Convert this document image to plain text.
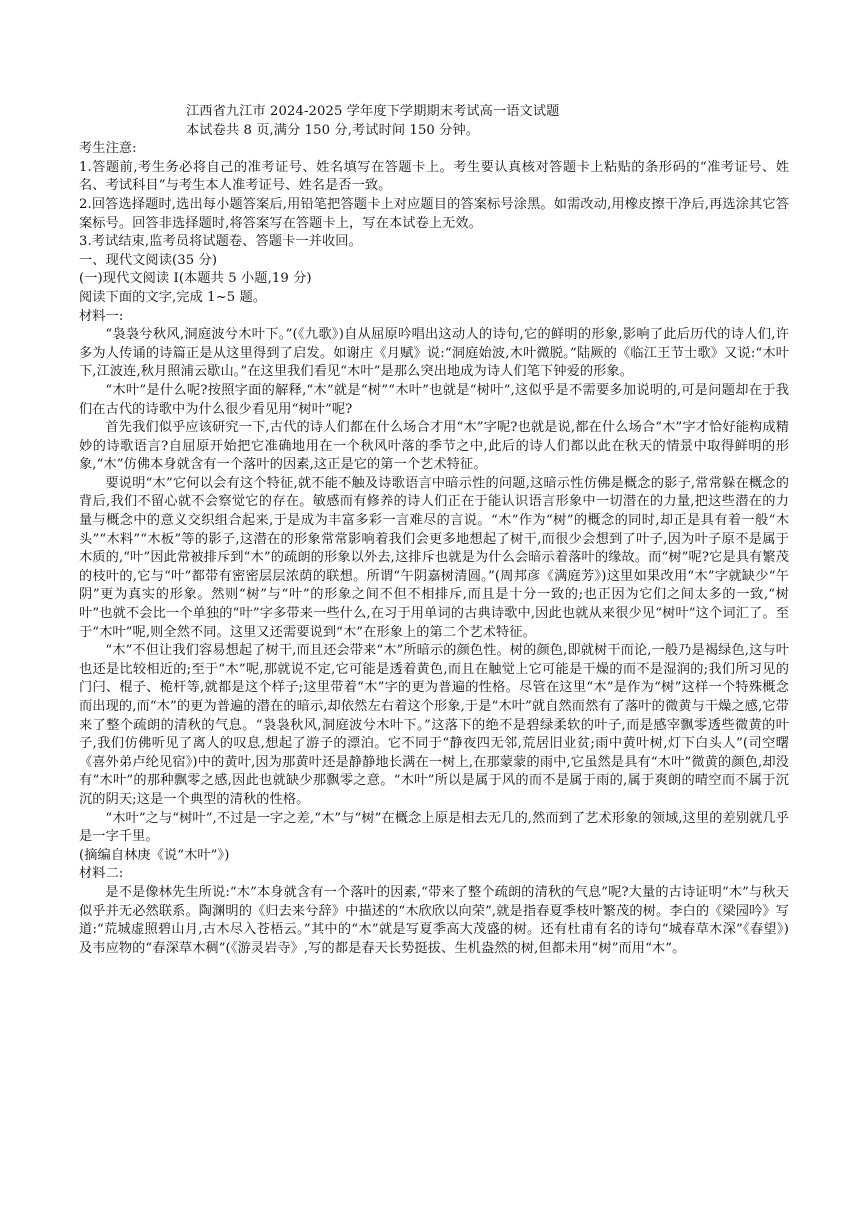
江西省九江市 2024-2025 学年度下学期期末考试高一语文试题
本试卷共 8 页,满分 150 分,考试时间 150 分钟。
考生注意:

1.答题前,考生务必将自己的准考证号、姓名填写在答题卡上。考生要认真核对答题卡上粘贴的条形码的“准考证号、姓名、考试科目”与考生本人准考证号、姓名是否一致。

2.回答选择题时,选出每小题答案后,用铅笔把答题卡上对应题目的答案标号涂黑。如需改动,用橡皮擦干净后,再选涂其它答案标号。回答非选择题时,将答案写在答题卡上，写在本试卷上无效。

3.考试结束,监考员将试题卷、答题卡一并收回。

一、现代文阅读(35 分)
(一)现代文阅读 I(本题共 5 小题,19 分)
阅读下面的文字,完成 1~5 题。
材料一:

“袅袅兮秋风,洞庭波兮木叶下。”(《九歌》)自从屈原吟唱出这动人的诗句,它的鲜明的形象,影响了此后历代的诗人们,许多为人传诵的诗篇正是从这里得到了启发。如谢庄《月赋》说:“洞庭始波,木叶微脱。”陆厥的《临江王节士歌》又说:“木叶下,江波连,秋月照浦云歇山。”在这里我们看见“木叶”是那么突出地成为诗人们笔下钟爱的形象。

“木叶”是什么呢?按照字面的解释,“木”就是“树”“木叶”也就是“树叶”,这似乎是不需要多加说明的,可是问题却在于我们在古代的诗歌中为什么很少看见用“树叶”呢?

首先我们似乎应该研究一下,古代的诗人们都在什么场合才用“木”字呢?也就是说,都在什么场合“木”字才恰好能构成精妙的诗歌语言?自屈原开始把它准确地用在一个秋风叶落的季节之中,此后的诗人们都以此在秋天的情景中取得鲜明的形象,“木”仿佛本身就含有一个落叶的因素,这正是它的第一个艺术特征。

要说明“木”它何以会有这个特征,就不能不触及诗歌语言中暗示性的问题,这暗示性仿佛是概念的影子,常常躲在概念的背后,我们不留心就不会察觉它的存在。敏感而有修养的诗人们正在于能认识语言形象中一切潜在的力量,把这些潜在的力量与概念中的意义交织组合起来,于是成为丰富多彩一言难尽的言说。“木”作为“树”的概念的同时,却正是具有着一般“木头”“木料”“木板”等的影子,这潜在的形象常常影响着我们会更多地想起了树干,而很少会想到了叶子,因为叶子原不是属于木质的,“叶”因此常被排斥到“木”的疏朗的形象以外去,这排斥也就是为什么会暗示着落叶的缘故。而“树”呢?它是具有繁茂的枝叶的,它与“叶”都带有密密层层浓荫的联想。所谓“午阴嘉树清圆。”(周邦彦《满庭芳》)这里如果改用“木”字就缺少“午阴”更为真实的形象。然则“树”与“叶”的形象之间不但不相排斥,而且是十分一致的;也正因为它们之间太多的一致,“树叶”也就不会比一个单独的“叶”字多带来一些什么,在习于用单词的古典诗歌中,因此也就从来很少见“树叶”这个词汇了。至于“木叶”呢,则全然不同。这里又还需要说到“木”在形象上的第二个艺术特征。

“木”不但让我们容易想起了树干,而且还会带来“木”所暗示的颜色性。树的颜色,即就树干而论,一般乃是褐绿色,这与叶也还是比较相近的;至于“木”呢,那就说不定,它可能是透着黄色,而且在触觉上它可能是干燥的而不是湿润的;我们所习见的门闩、棍子、桅杆等,就都是这个样子;这里带着“木”字的更为普遍的性格。尽管在这里“木”是作为“树”这样一个特殊概念而出现的,而“木”的更为普遍的潜在的暗示,却依然左右着这个形象,于是“木叶”就自然而然有了落叶的微黄与干燥之感,它带来了整个疏朗的清秋的气息。“袅袅秋风,洞庭波兮木叶下。”这落下的绝不是碧绿柔软的叶子,而是感宰飘零透些微黄的叶子,我们仿佛听见了离人的叹息,想起了游子的漂泊。它不同于“静夜四无邻,荒居旧业贫;雨中黄叶树,灯下白头人”(司空曙《喜外弟卢纶见宿》)中的黄叶,因为那黄叶还是静静地长满在一树上,在那蒙蒙的雨中,它虽然是具有“木叶”微黄的颜色,却没有“木叶”的那种飘零之感,因此也就缺少那飘零之意。“木叶”所以是属于风的而不是属于雨的,属于爽朗的晴空而不属于沉沉的阴天;这是一个典型的清秋的性格。

“木叶”之与“树叶”,不过是一字之差,“木”与“树”在概念上原是相去无几的,然而到了艺术形象的领域,这里的差别就几乎是一字千里。

(摘编自林庚《说“木叶”》)
材料二:

是不是像林先生所说:“木”本身就含有一个落叶的因素,“带来了整个疏朗的清秋的气息”呢?大量的古诗证明“木”与秋天似乎并无必然联系。陶渊明的《归去来兮辞》中描述的“木欣欣以向荣”,就是指春夏季枝叶繁茂的树。李白的《梁园吟》写道:“荒城虚照碧山月,古木尽入苍梧云。”其中的“木”就是写夏季高大茂盛的树。还有杜甫有名的诗句“城春草木深”《春望》)及韦应物的“春深草木稠”(《游灵岩寺》,写的都是春天长势挺拔、生机盎然的树,但都未用“树”而用“木”。
